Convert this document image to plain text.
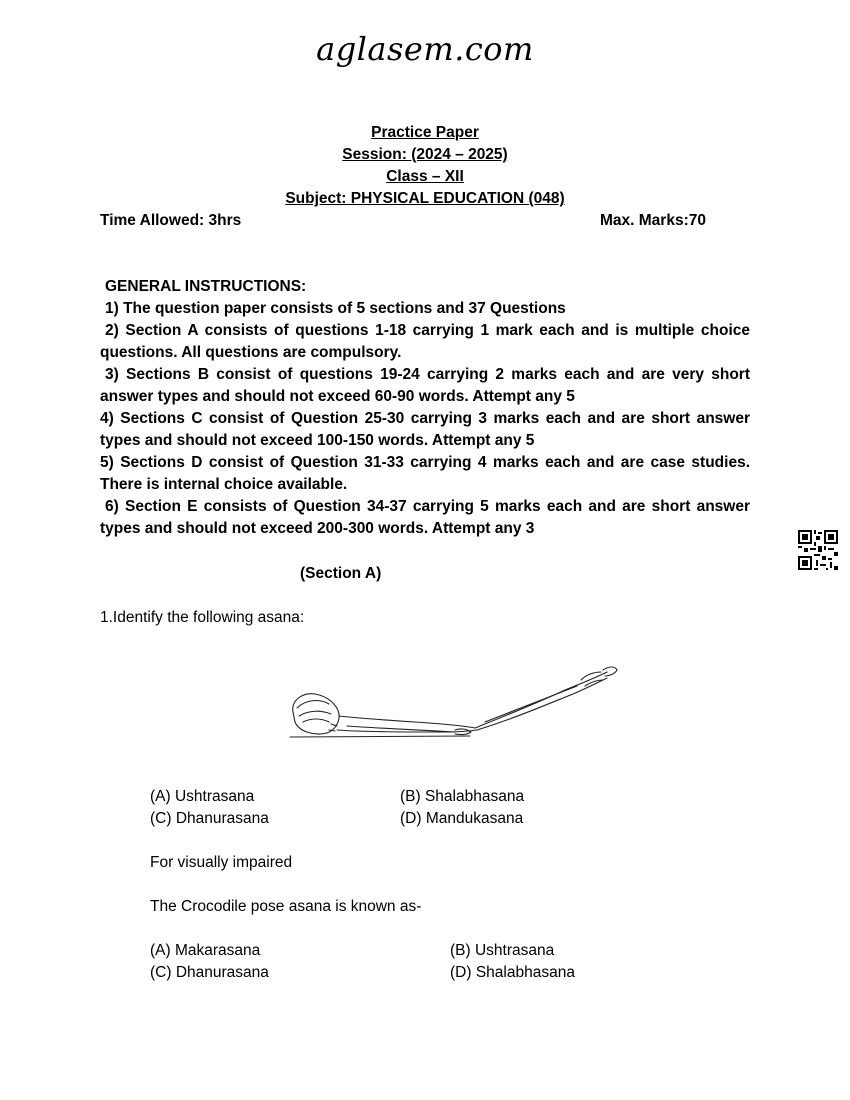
aglasem.com
Practice Paper
Session: (2024 – 2025)
Class – XII
Subject: PHYSICAL EDUCATION (048)
Time Allowed: 3hrs	Max. Marks:70

GENERAL INSTRUCTIONS:

1) The question paper consists of 5 sections and 37 Questions

2) Section A consists of questions 1-18 carrying 1 mark each and is multiple choice questions. All questions are compulsory.

3) Sections B consist of questions 19-24 carrying 2 marks each and are very short answer types and should not exceed 60-90 words. Attempt any 5

4) Sections C consist of Question 25-30 carrying 3 marks each and are short answer types and should not exceed 100-150 words. Attempt any 5

5) Sections D consist of Question 31-33 carrying 4 marks each and are case studies. There is internal choice available.

6) Section E consists of Question 34-37 carrying 5 marks each and are short answer types and should not exceed 200-300 words. Attempt any 3

(Section A)
1.Identify the following asana:
(A) Ushtrasana	(B) Shalabhasana
(C) Dhanurasana	(D) Mandukasana
For visually impaired
The Crocodile pose asana is known as-
(A) Makarasana	(B) Ushtrasana
(C) Dhanurasana	(D) Shalabhasana
